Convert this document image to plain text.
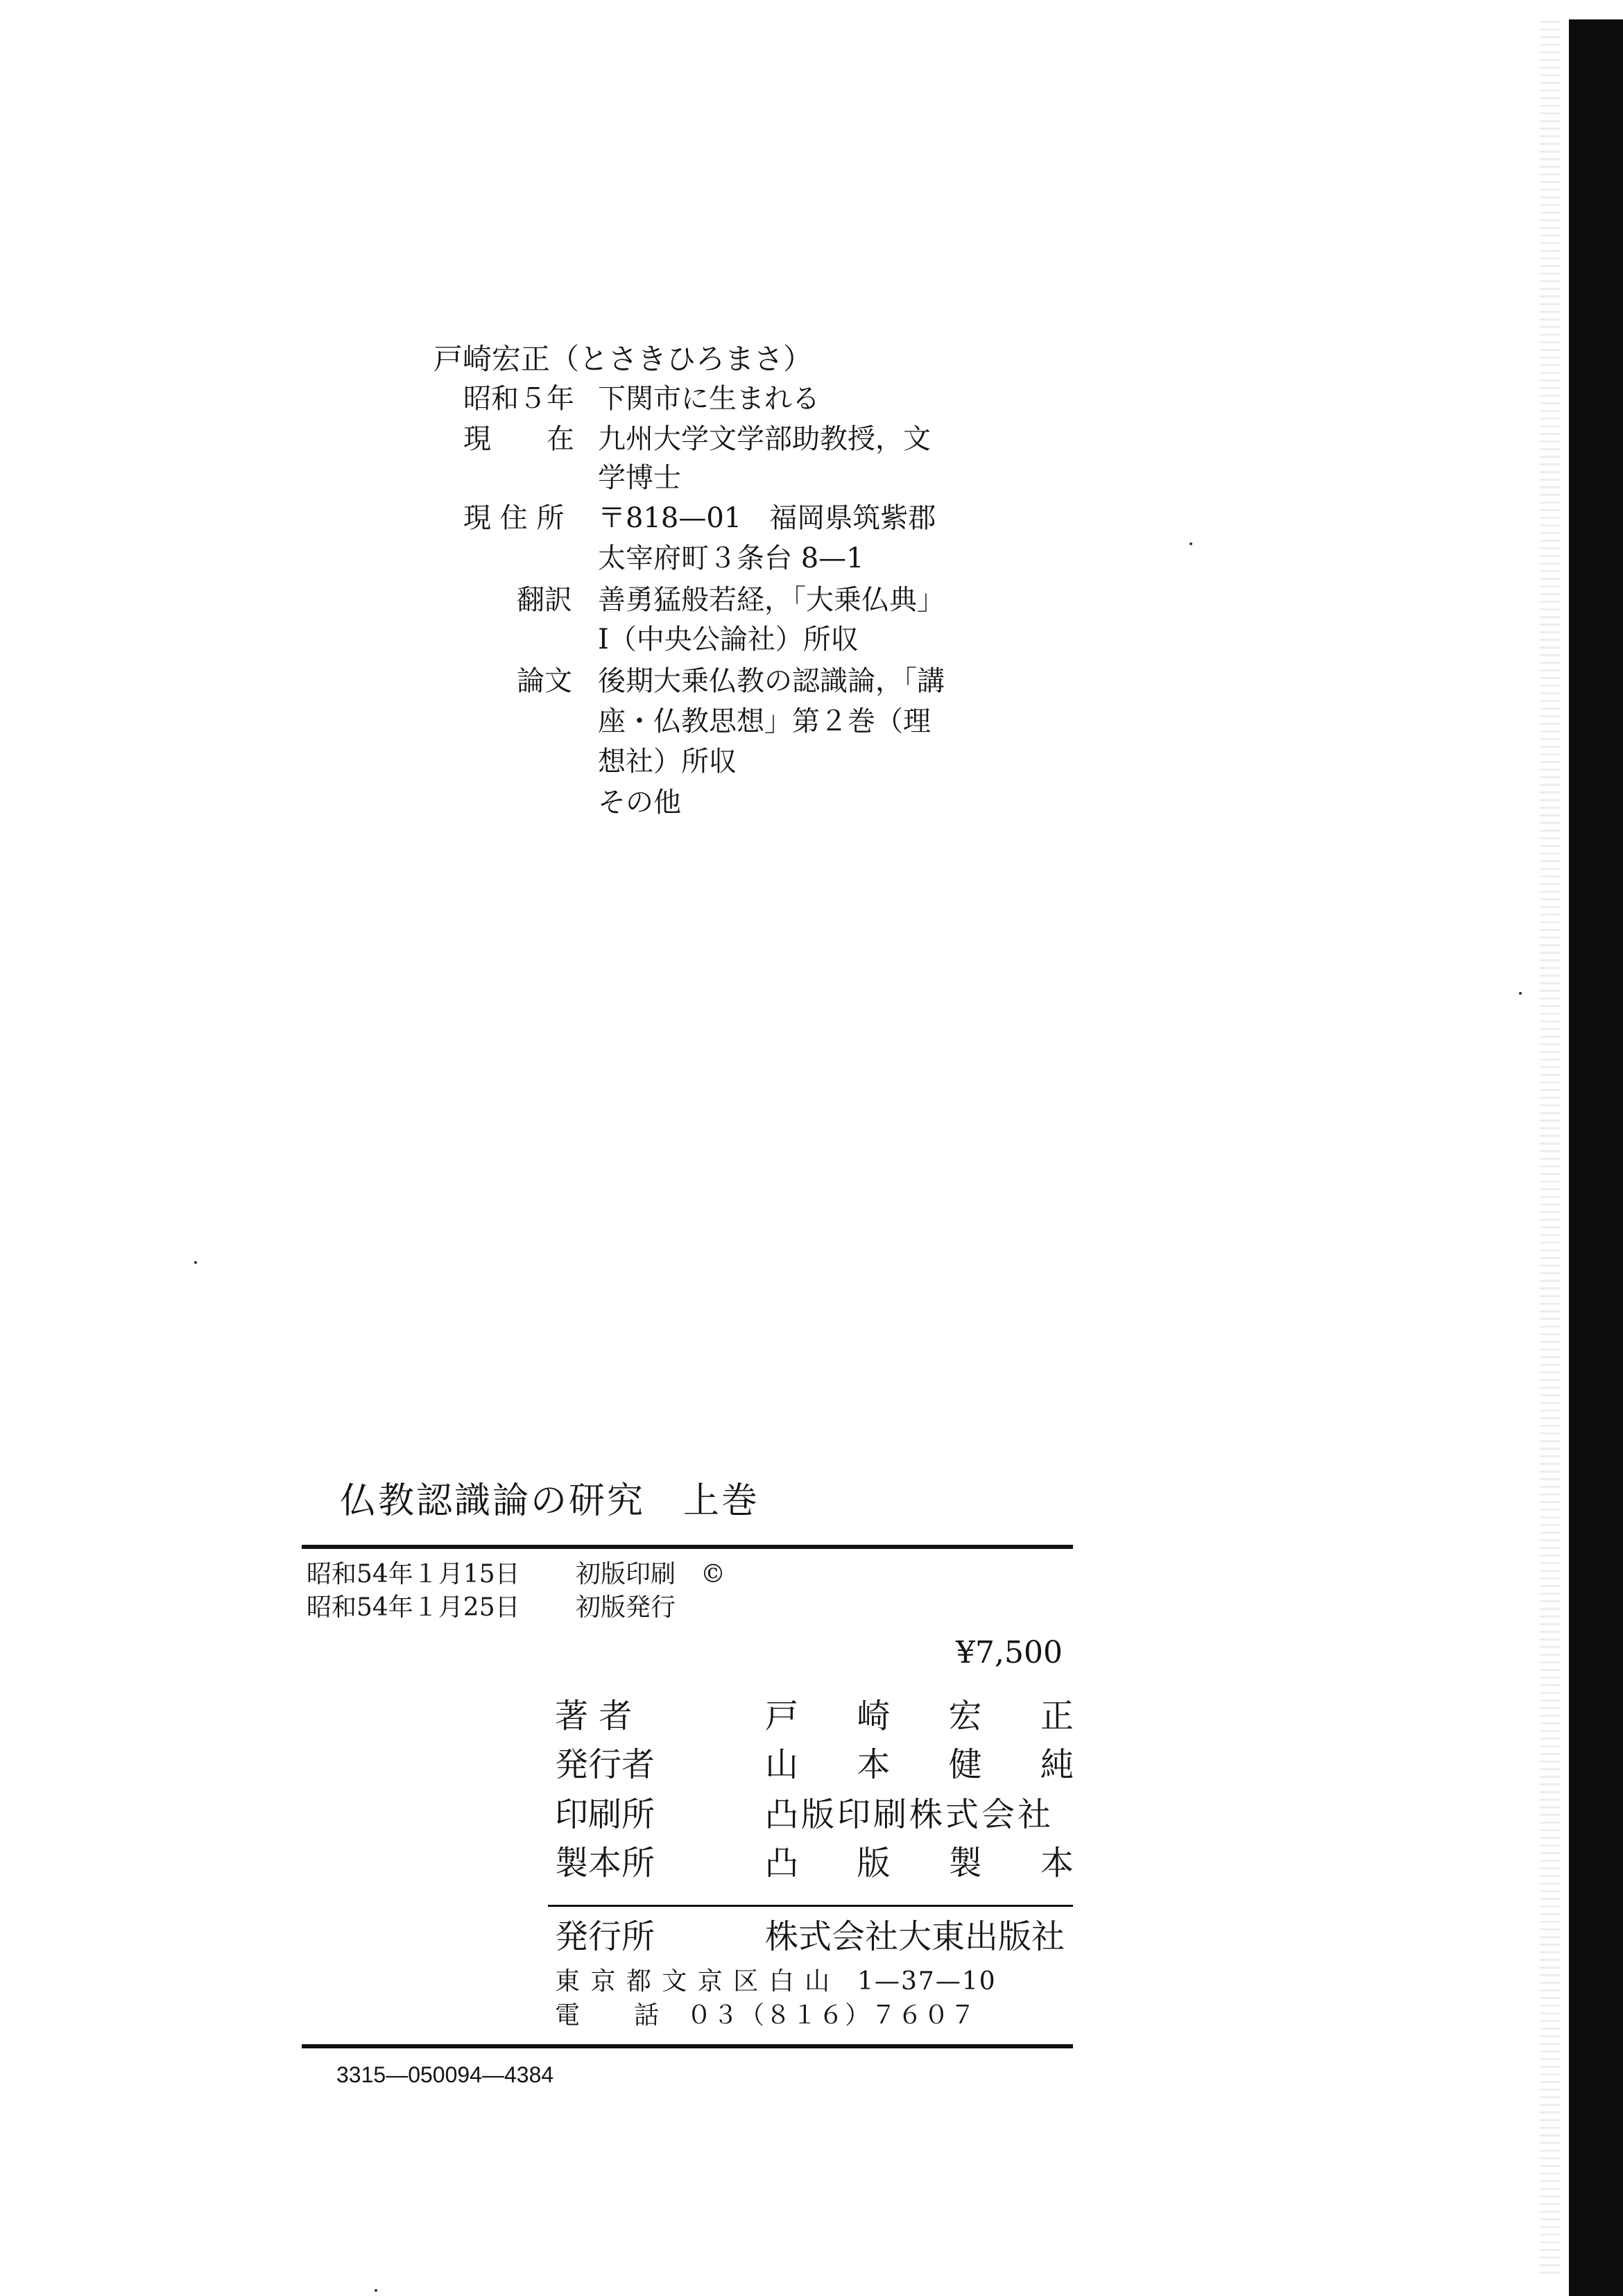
戸崎宏正（とさきひろまさ）
昭和５年 下関市に生まれる
現　　在 九州大学文学部助教授，文
学博士
現 住 所 〒818—01　福岡県筑紫郡
太宰府町３条台 8—1
翻訳 善勇猛般若経，「大乗仏典」
Ⅰ（中央公論社）所収
論文 後期大乗仏教の認識論，「講
座・仏教思想」第２巻（理
想社）所収
その他
仏教認識論の研究　上巻
昭和54年１月15日 初版印刷　©
昭和54年１月25日 初版発行
¥7,500
著 者	戸 崎 宏 正
発行者	山 本 健 純
印刷所	凸版印刷株式会社
製本所	凸 版 製 本
発行所	株式会社大東出版社
東 京 都 文 京 区 白 山　1—37—10
電　　話　０３（８１６）７６０７
3315—050094—4384
